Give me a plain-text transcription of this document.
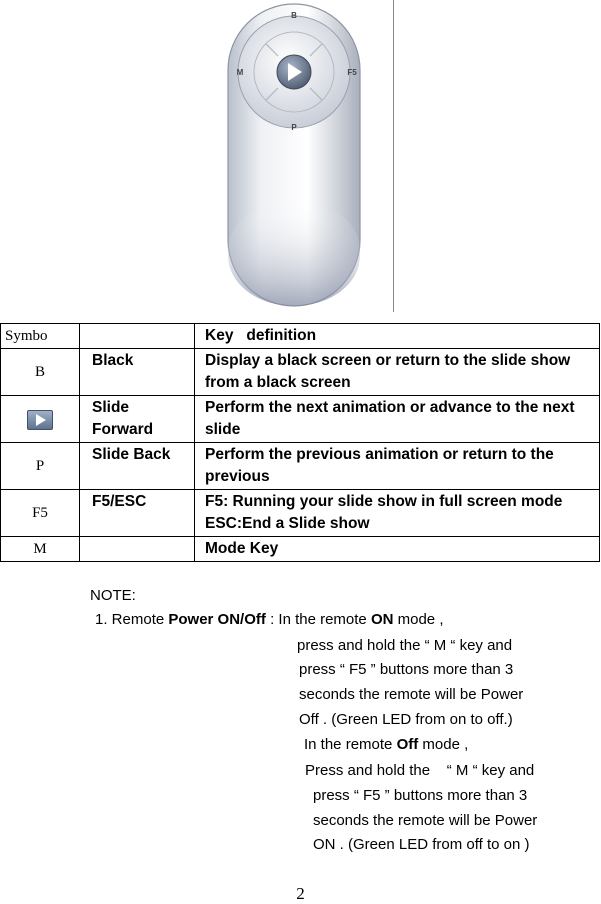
B
M	F5
P
Symbo		Key   definition
B	Black	Display a black screen or return to the slide show from a black screen
	Slide Forward	Perform the next animation or advance to the next slide
P	Slide Back	Perform the previous animation or return to the previous
F5	F5/ESC	F5: Running your slide show in full screen mode ESC:End a Slide show
M		Mode Key
NOTE:
1. Remote Power ON/Off : In the remote ON mode ,
press and hold the “ M “ key and
press “ F5 ” buttons more than 3
seconds the remote will be Power
Off . (Green LED from on to off.)
In the remote Off mode ,
Press and hold the    “ M “ key and
press “ F5 ” buttons more than 3
seconds the remote will be Power
ON . (Green LED from off to on )
2
